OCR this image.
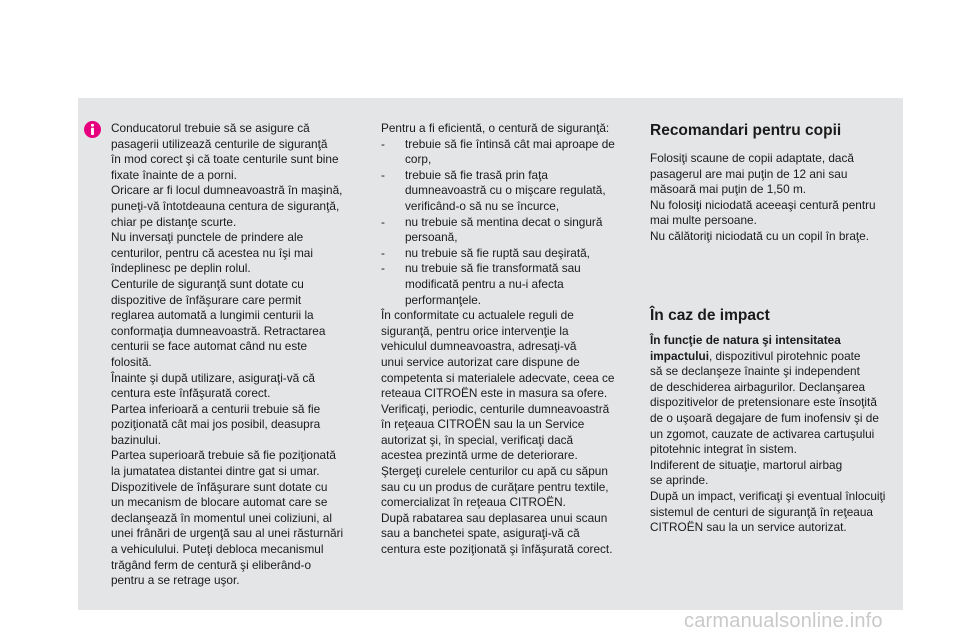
Conducatorul trebuie să se asigure că

pasagerii utilizează centurile de siguranţă

în mod corect şi că toate centurile sunt bine

fixate înainte de a porni.

Oricare ar fi locul dumneavoastră în maşină,

puneţi-vă întotdeauna centura de siguranţă,

chiar pe distanţe scurte.

Nu inversaţi punctele de prindere ale

centurilor, pentru că acestea nu îşi mai

îndeplinesc pe deplin rolul.

Centurile de siguranţă sunt dotate cu

dispozitive de înfăşurare care permit

reglarea automată a lungimii centurii la

conformaţia dumneavoastră. Retractarea

centurii se face automat când nu este

folosită.

Înainte şi după utilizare, asiguraţi-vă că

centura este înfăşurată corect.

Partea inferioară a centurii trebuie să fie

poziţionată cât mai jos posibil, deasupra

bazinului.

Partea superioară trebuie să fie poziţionată

la jumatatea distantei dintre gat si umar.

Dispozitivele de înfăşurare sunt dotate cu

un mecanism de blocare automat care se

declanşează în momentul unei coliziuni, al

unei frânări de urgenţă sau al unei răsturnări

a vehiculului. Puteţi debloca mecanismul

trăgând ferm de centură şi eliberând-o

pentru a se retrage uşor.

Pentru a fi eficientă, o centură de siguranţă:

- trebuie să fie întinsă cât mai aproape de

corp,

- trebuie să fie trasă prin faţa

dumneavoastră cu o mişcare regulată,

verificând-o să nu se încurce,

- nu trebuie să mentina decat o singură

persoană,

- nu trebuie să fie ruptă sau deşirată,

- nu trebuie să fie transformată sau

modificată pentru a nu-i afecta

performanţele.

În conformitate cu actualele reguli de

siguranţă, pentru orice intervenţie la

vehiculul dumneavoastra, adresaţi-vă

unui service autorizat care dispune de

competenta si materialele adecvate, ceea ce

reteaua CITROËN este in masura sa ofere.

Verificaţi, periodic, centurile dumneavoastră

în reţeaua CITROËN sau la un Service

autorizat şi, în special, verificaţi dacă

acestea prezintă urme de deteriorare.

Ştergeţi curelele centurilor cu apă cu săpun

sau cu un produs de curăţare pentru textile,

comercializat în reţeaua CITROËN.

După rabatarea sau deplasarea unui scaun

sau a banchetei spate, asiguraţi-vă că

centura este poziţionată şi înfăşurată corect.

Recomandari pentru copii

Folosiţi scaune de copii adaptate, dacă

pasagerul are mai puţin de 12 ani sau

măsoară mai puţin de 1,50 m.

Nu folosiţi niciodată aceeaşi centură pentru

mai multe persoane.

Nu călătoriţi niciodată cu un copil în braţe.

În caz de impact

În funcţie de natura şi intensitatea

impactului, dispozitivul pirotehnic poate

să se declanşeze înainte şi independent

de deschiderea airbagurilor. Declanşarea

dispozitivelor de pretensionare este însoţită

de o uşoară degajare de fum inofensiv şi de

un zgomot, cauzate de activarea cartuşului

pitotehnic integrat în sistem.

Indiferent de situaţie, martorul airbag

se aprinde.

După un impact, verificaţi şi eventual înlocuiţi

sistemul de centuri de siguranţă în reţeaua

CITROËN sau la un service autorizat.

carmanualsonline.info
